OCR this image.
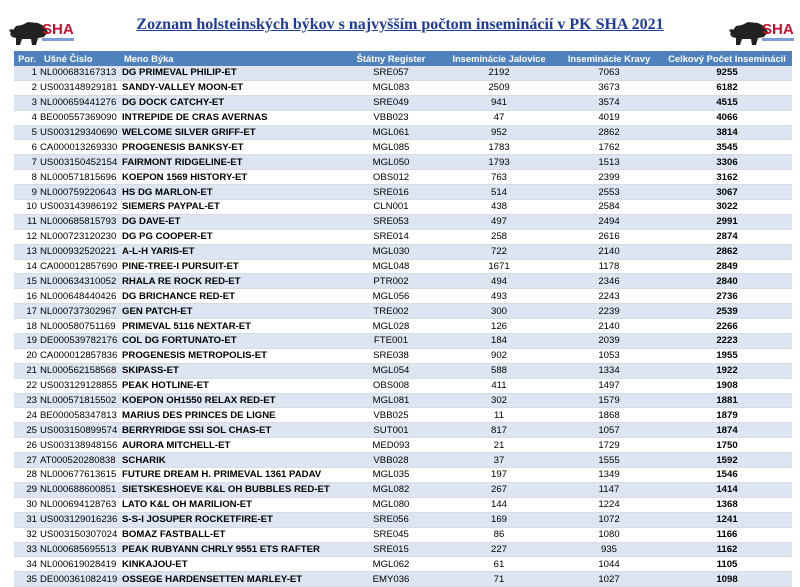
SHA	Zoznam holsteinských býkov s najvyšším počtom inseminácií v PK SHA 2021	SHA
Por.	Ušné Číslo	Meno Býka	Štátny Register	Inseminácie Jalovice	Inseminácie Kravy	Celkový Počet Inseminácií
1	NL000683167313	DG PRIMEVAL PHILIP-ET	SRE057	2192	7063	9255
2	US003148929181	SANDY-VALLEY MOON-ET	MGL083	2509	3673	6182
3	NL000659441276	DG DOCK CATCHY-ET	SRE049	941	3574	4515
4	BE000557369090	INTREPIDE DE CRAS AVERNAS	VBB023	47	4019	4066
5	US003129340690	WELCOME SILVER GRIFF-ET	MGL061	952	2862	3814
6	CA000013269330	PROGENESIS BANKSY-ET	MGL085	1783	1762	3545
7	US003150452154	FAIRMONT RIDGELINE-ET	MGL050	1793	1513	3306
8	NL000571815696	KOEPON 1569 HISTORY-ET	OBS012	763	2399	3162
9	NL000759220643	HS DG MARLON-ET	SRE016	514	2553	3067
10	US003143986192	SIEMERS PAYPAL-ET	CLN001	438	2584	3022
11	NL000685815793	DG DAVE-ET	SRE053	497	2494	2991
12	NL000723120230	DG PG COOPER-ET	SRE014	258	2616	2874
13	NL000932520221	A-L-H YARIS-ET	MGL030	722	2140	2862
14	CA000012857690	PINE-TREE-I PURSUIT-ET	MGL048	1671	1178	2849
15	NL000634310052	RHALA RE ROCK RED-ET	PTR002	494	2346	2840
16	NL000648440426	DG BRICHANCE RED-ET	MGL056	493	2243	2736
17	NL000737302967	GEN PATCH-ET	TRE002	300	2239	2539
18	NL000580751169	PRIMEVAL 5116 NEXTAR-ET	MGL028	126	2140	2266
19	DE000539782176	COL DG FORTUNATO-ET	FTE001	184	2039	2223
20	CA000012857836	PROGENESIS METROPOLIS-ET	SRE038	902	1053	1955
21	NL000562158568	SKIPASS-ET	MGL054	588	1334	1922
22	US003129128855	PEAK HOTLINE-ET	OBS008	411	1497	1908
23	NL000571815502	KOEPON OH1550 RELAX RED-ET	MGL081	302	1579	1881
24	BE000058347813	MARIUS DES PRINCES DE LIGNE	VBB025	11	1868	1879
25	US003150899574	BERRYRIDGE SSI SOL CHAS-ET	SUT001	817	1057	1874
26	US003138948156	AURORA MITCHELL-ET	MED093	21	1729	1750
27	AT000520280838	SCHARIK	VBB028	37	1555	1592
28	NL000677613615	FUTURE DREAM H. PRIMEVAL 1361 PADAV	MGL035	197	1349	1546
29	NL000688600851	SIETSKESHOEVE K&L OH BUBBLES RED-ET	MGL082	267	1147	1414
30	NL000694128763	LATO K&L OH MARILION-ET	MGL080	144	1224	1368
31	US003129016236	S-S-I JOSUPER ROCKETFIRE-ET	SRE056	169	1072	1241
32	US003150307024	BOMAZ FASTBALL-ET	SRE045	86	1080	1166
33	NL000685695513	PEAK RUBYANN CHRLY 9551 ETS RAFTER	SRE015	227	935	1162
34	NL000619028419	KINKAJOU-ET	MGL062	61	1044	1105
35	DE000361082419	OSSEGE HARDENSETTEN MARLEY-ET	EMY036	71	1027	1098
